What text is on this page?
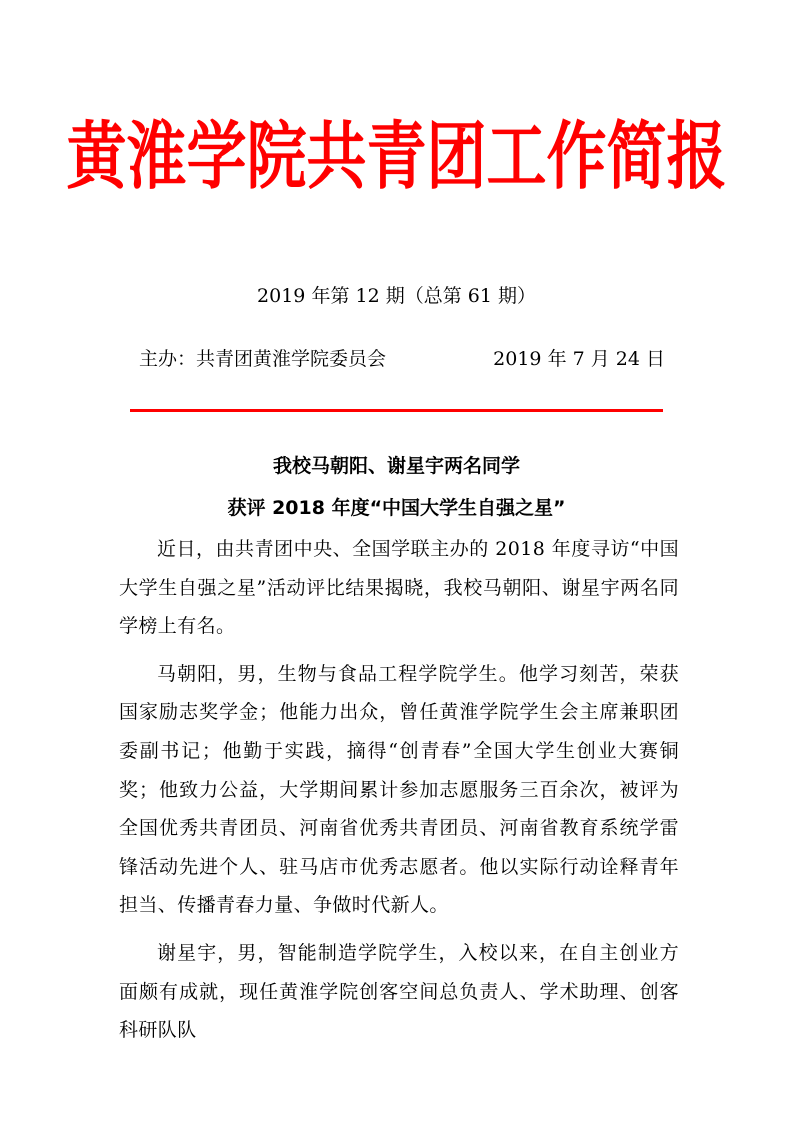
黄淮学院共青团工作简报
2019 年第 12 期（总第 61 期）
主办：共青团黄淮学院委员会	2019 年 7 月 24 日
我校马朝阳、谢星宇两名同学
获评 2018 年度“中国大学生自强之星”

近日，由共青团中央、全国学联主办的 2018 年度寻访“中国大学生自强之星”活动评比结果揭晓，我校马朝阳、谢星宇两名同学榜上有名。

马朝阳，男，生物与食品工程学院学生。他学习刻苦，荣获国家励志奖学金；他能力出众，曾任黄淮学院学生会主席兼职团委副书记；他勤于实践，摘得“创青春”全国大学生创业大赛铜奖；他致力公益，大学期间累计参加志愿服务三百余次，被评为全国优秀共青团员、河南省优秀共青团员、河南省教育系统学雷锋活动先进个人、驻马店市优秀志愿者。他以实际行动诠释青年担当、传播青春力量、争做时代新人。

谢星宇，男，智能制造学院学生，入校以来，在自主创业方面颇有成就，现任黄淮学院创客空间总负责人、学术助理、创客科研队队
